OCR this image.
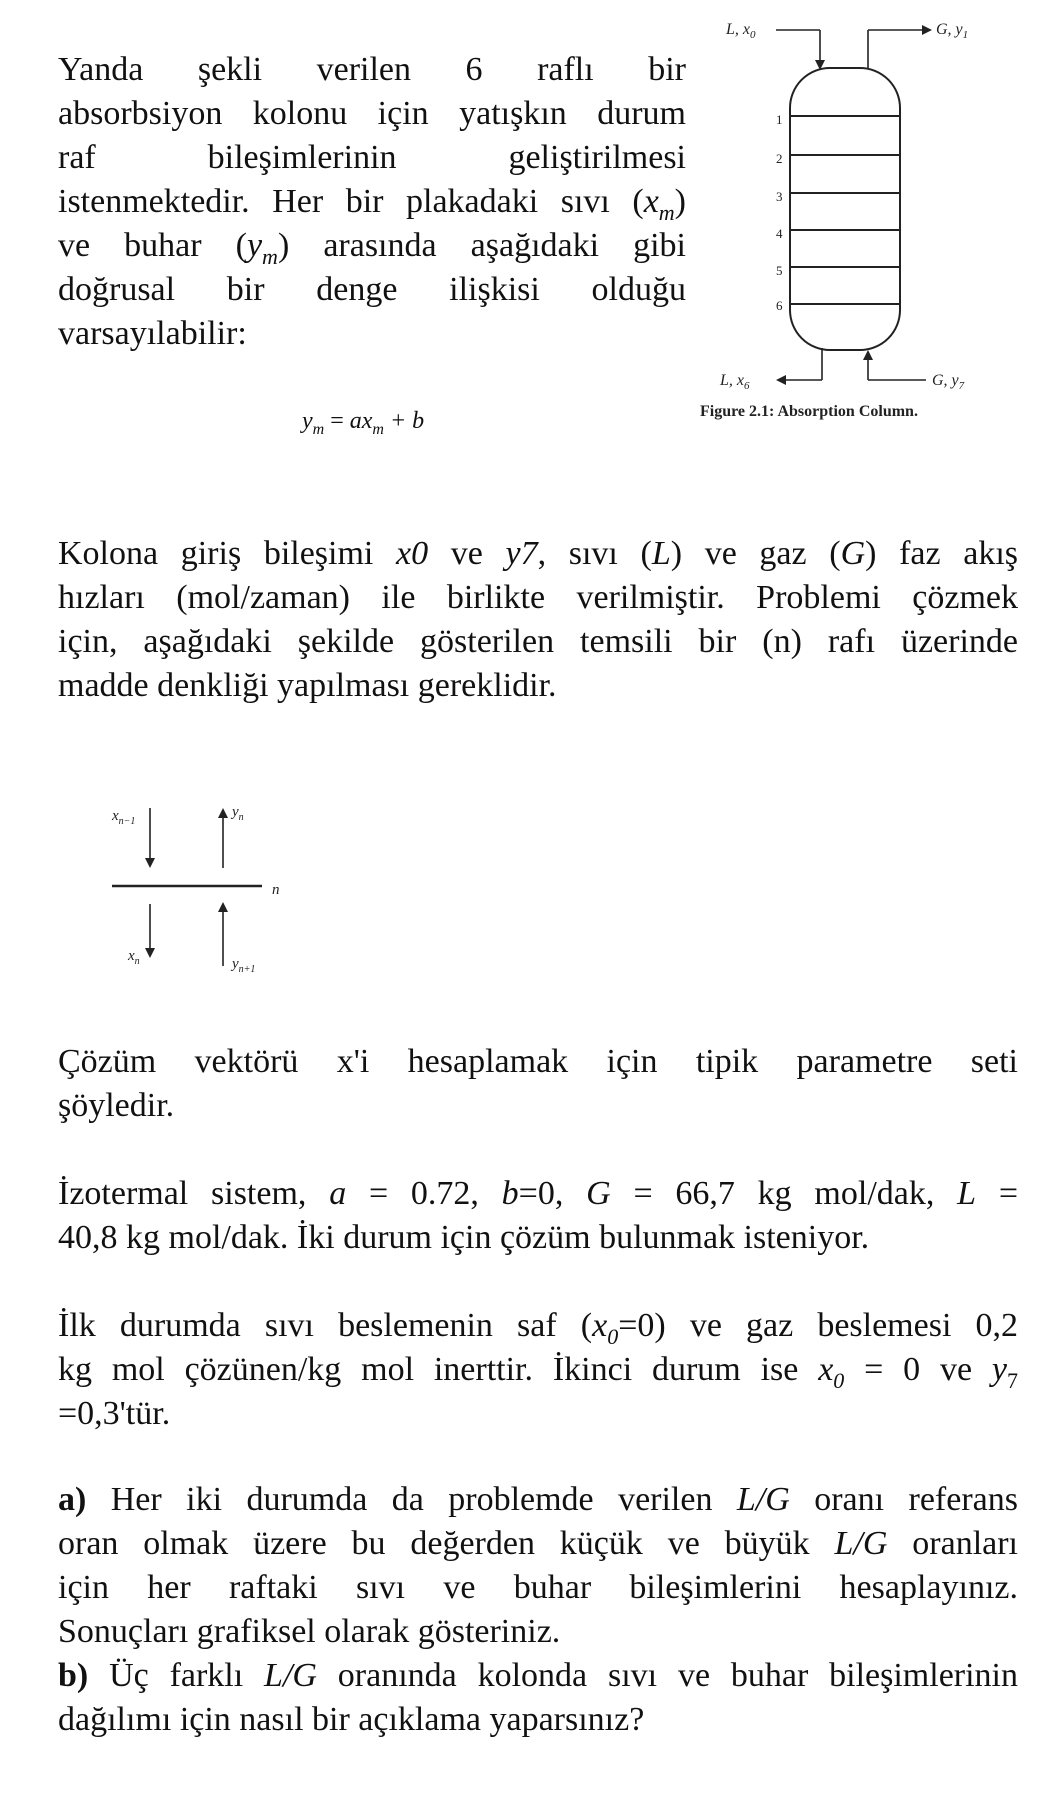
Yanda şekli verilen 6 raflı bir
absorbsiyon kolonu için yatışkın durum
raf bileşimlerinin geliştirilmesi
istenmektedir. Her bir plakadaki sıvı $(x_m)$
ve buhar $(y_m)$ arasında aşağıdaki gibi
doğrusal bir denge ilişkisi olduğu
varsayılabilir:
$y_m = ax_m + b$
L, $x_0$	G, $y_1$
1
2
3
4
5
6
L, $x_6$	G, $y_7$
Figure 2.1: Absorption Column.
Kolona giriş bileşimi x0 ve y7, sıvı (L) ve gaz (G) faz akış
hızları (mol/zaman) ile birlikte verilmiştir. Problemi çözmek
için, aşağıdaki şekilde gösterilen temsili bir (n) rafı üzerinde
madde denkliği yapılması gereklidir.
$x_{n-1}$
$y_n$
n
$x_n$	$y_{n+1}$
Çözüm vektörü x'i hesaplamak için tipik parametre seti
şöyledir.
İzotermal sistem, a = 0.72, b=0, G = 66,7 kg mol/dak, L =
40,8 kg mol/dak. İki durum için çözüm bulunmak isteniyor.
İlk durumda sıvı beslemenin saf $(x_0=0)$ ve gaz beslemesi 0,2
kg mol çözünen/kg mol inerttir. İkinci durum ise $x_0 = 0$ ve $y_7$
=0,3'tür.
a) Her iki durumda da problemde verilen L/G oranı referans
oran olmak üzere bu değerden küçük ve büyük L/G oranları
için her raftaki sıvı ve buhar bileşimlerini hesaplayınız.
Sonuçları grafiksel olarak gösteriniz.
b) Üç farklı L/G oranında kolonda sıvı ve buhar bileşimlerinin
dağılımı için nasıl bir açıklama yaparsınız?
